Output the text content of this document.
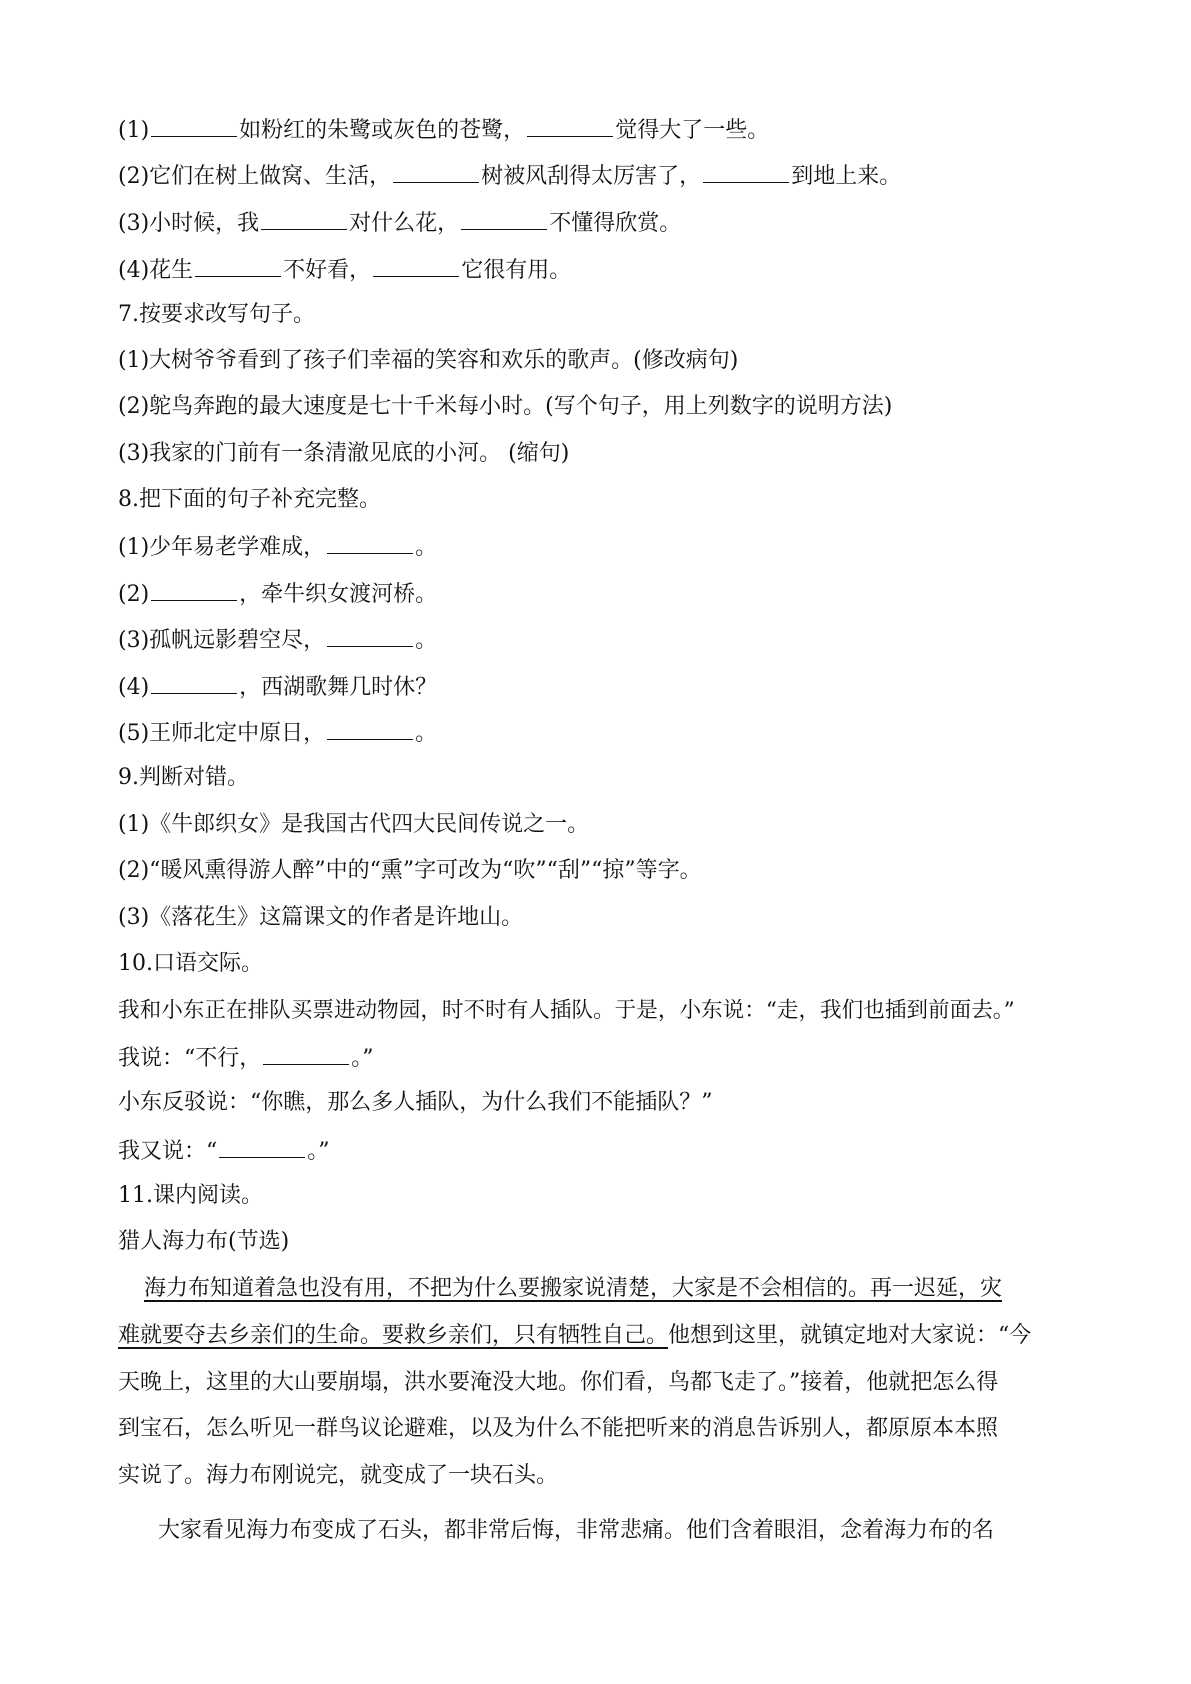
(1)	如粉红的朱鹭或灰色的苍鹭，	觉得大了一些。
(2)它们在树上做窝、生活，	树被风刮得太厉害了，	到地上来。
(3)小时候，我	对什么花，	不懂得欣赏。
(4)花生	不好看，	它很有用。
7.按要求改写句子。
(1)大树爷爷看到了孩子们幸福的笑容和欢乐的歌声。(修改病句)
(2)鸵鸟奔跑的最大速度是七十千米每小时。(写个句子，用上列数字的说明方法)
(3)我家的门前有一条清澈见底的小河。 (缩句)
8.把下面的句子补充完整。
(1)少年易老学难成，	。
(2)	，牵牛织女渡河桥。
(3)孤帆远影碧空尽，	。
(4)	，西湖歌舞几时休？
(5)王师北定中原日，	。
9.判断对错。
(1)《牛郎织女》是我国古代四大民间传说之一。
(2)“暖风熏得游人醉”中的“熏”字可改为“吹”“刮”“掠”等字。
(3)《落花生》这篇课文的作者是许地山。
10.口语交际。
我和小东正在排队买票进动物园，时不时有人插队。于是，小东说：“走，我们也插到前面去。”
我说：“不行，	。”
小东反驳说：“你瞧，那么多人插队，为什么我们不能插队？”
我又说：“	。”
11.课内阅读。
猎人海力布(节选)
海力布知道着急也没有用，不把为什么要搬家说清楚，大家是不会相信的。再一迟延，灾
难就要夺去乡亲们的生命。要救乡亲们，只有牺牲自己。他想到这里，就镇定地对大家说：“今
天晚上，这里的大山要崩塌，洪水要淹没大地。你们看，鸟都飞走了。”接着，他就把怎么得
到宝石，怎么听见一群鸟议论避难，以及为什么不能把听来的消息告诉别人，都原原本本照
实说了。海力布刚说完，就变成了一块石头。
大家看见海力布变成了石头，都非常后悔，非常悲痛。他们含着眼泪，念着海力布的名
